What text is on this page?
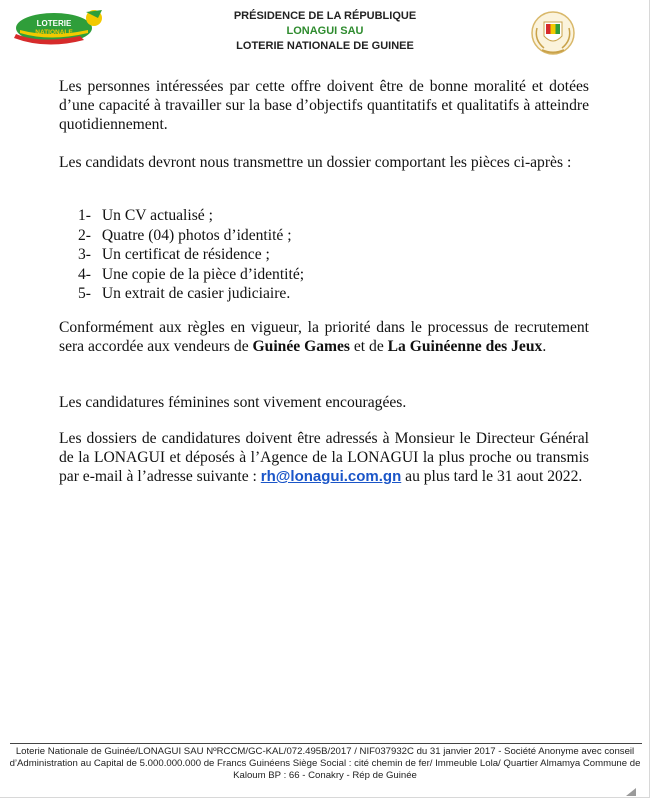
LOTERIE
NATIONALE
PRÉSIDENCE DE LA RÉPUBLIQUE
LONAGUI SAU
LOTERIE NATIONALE DE GUINEE
Les personnes intéressées par cette offre doivent être de bonne moralité et dotées d’une capacité à travailler sur la base d’objectifs quantitatifs et qualitatifs à atteindre quotidiennement.
Les candidats devront nous transmettre un dossier comportant les pièces ci-après :
1- Un CV actualisé ;
2- Quatre (04) photos d’identité ;
3- Un certificat de résidence ;
4- Une copie de la pièce d’identité;
5- Un extrait de casier judiciaire.
Conformément aux règles en vigueur, la priorité dans le processus de recrutement sera accordée aux vendeurs de Guinée Games et de La Guinéenne des Jeux.
Les candidatures féminines sont vivement encouragées.
Les dossiers de candidatures doivent être adressés à Monsieur le Directeur Général de la LONAGUI et déposés à l’Agence de la LONAGUI la plus proche ou transmis par e-mail à l’adresse suivante : rh@lonagui.com.gn au plus tard le 31 aout 2022.
Loterie Nationale de Guinée/LONAGUI SAU NºRCCM/GC-KAL/072.495B/2017 / NIF037932C du 31 janvier 2017 - Société Anonyme avec conseil d’Administration au Capital de 5.000.000.000 de Francs Guinéens Siège Social : cité chemin de fer/ Immeuble Lola/ Quartier Almamya Commune de Kaloum BP : 66 - Conakry - Rép de Guinée
